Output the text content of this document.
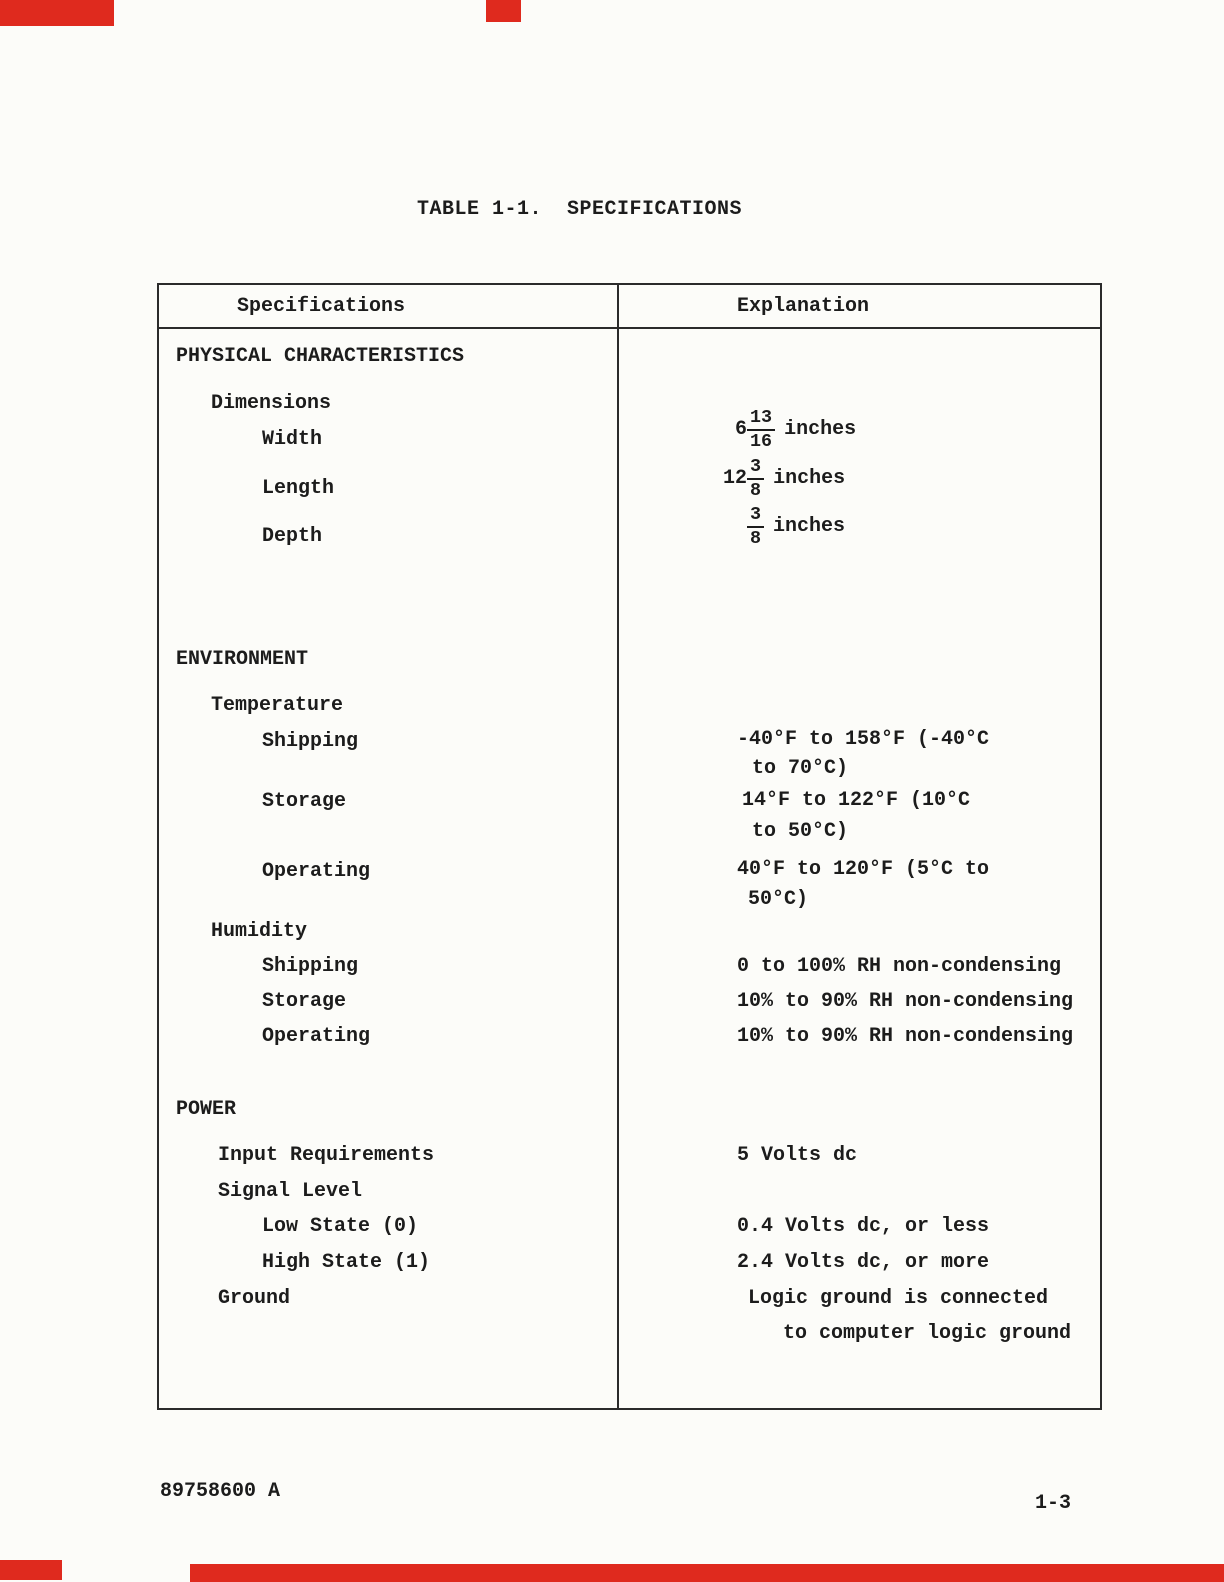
TABLE 1-1.  SPECIFICATIONS
Specifications	Explanation
PHYSICAL CHARACTERISTICS
Dimensions
Width	$6 \frac{13}{16}$ inches
Length	$12 \frac{3}{8}$ inches
Depth	$\frac{3}{8}$ inches
ENVIRONMENT
Temperature
Shipping	-40°F to 158°F (-40°C
to 70°C)
Storage	14°F to 122°F (10°C
to 50°C)
Operating	40°F to 120°F (5°C to
50°C)
Humidity
Shipping	0 to 100% RH non-condensing
Storage	10% to 90% RH non-condensing
Operating	10% to 90% RH non-condensing
POWER
Input Requirements	5 Volts dc
Signal Level
Low State (0)	0.4 Volts dc, or less
High State (1)	2.4 Volts dc, or more
Ground	Logic ground is connected
to computer logic ground
89758600 A
1-3
